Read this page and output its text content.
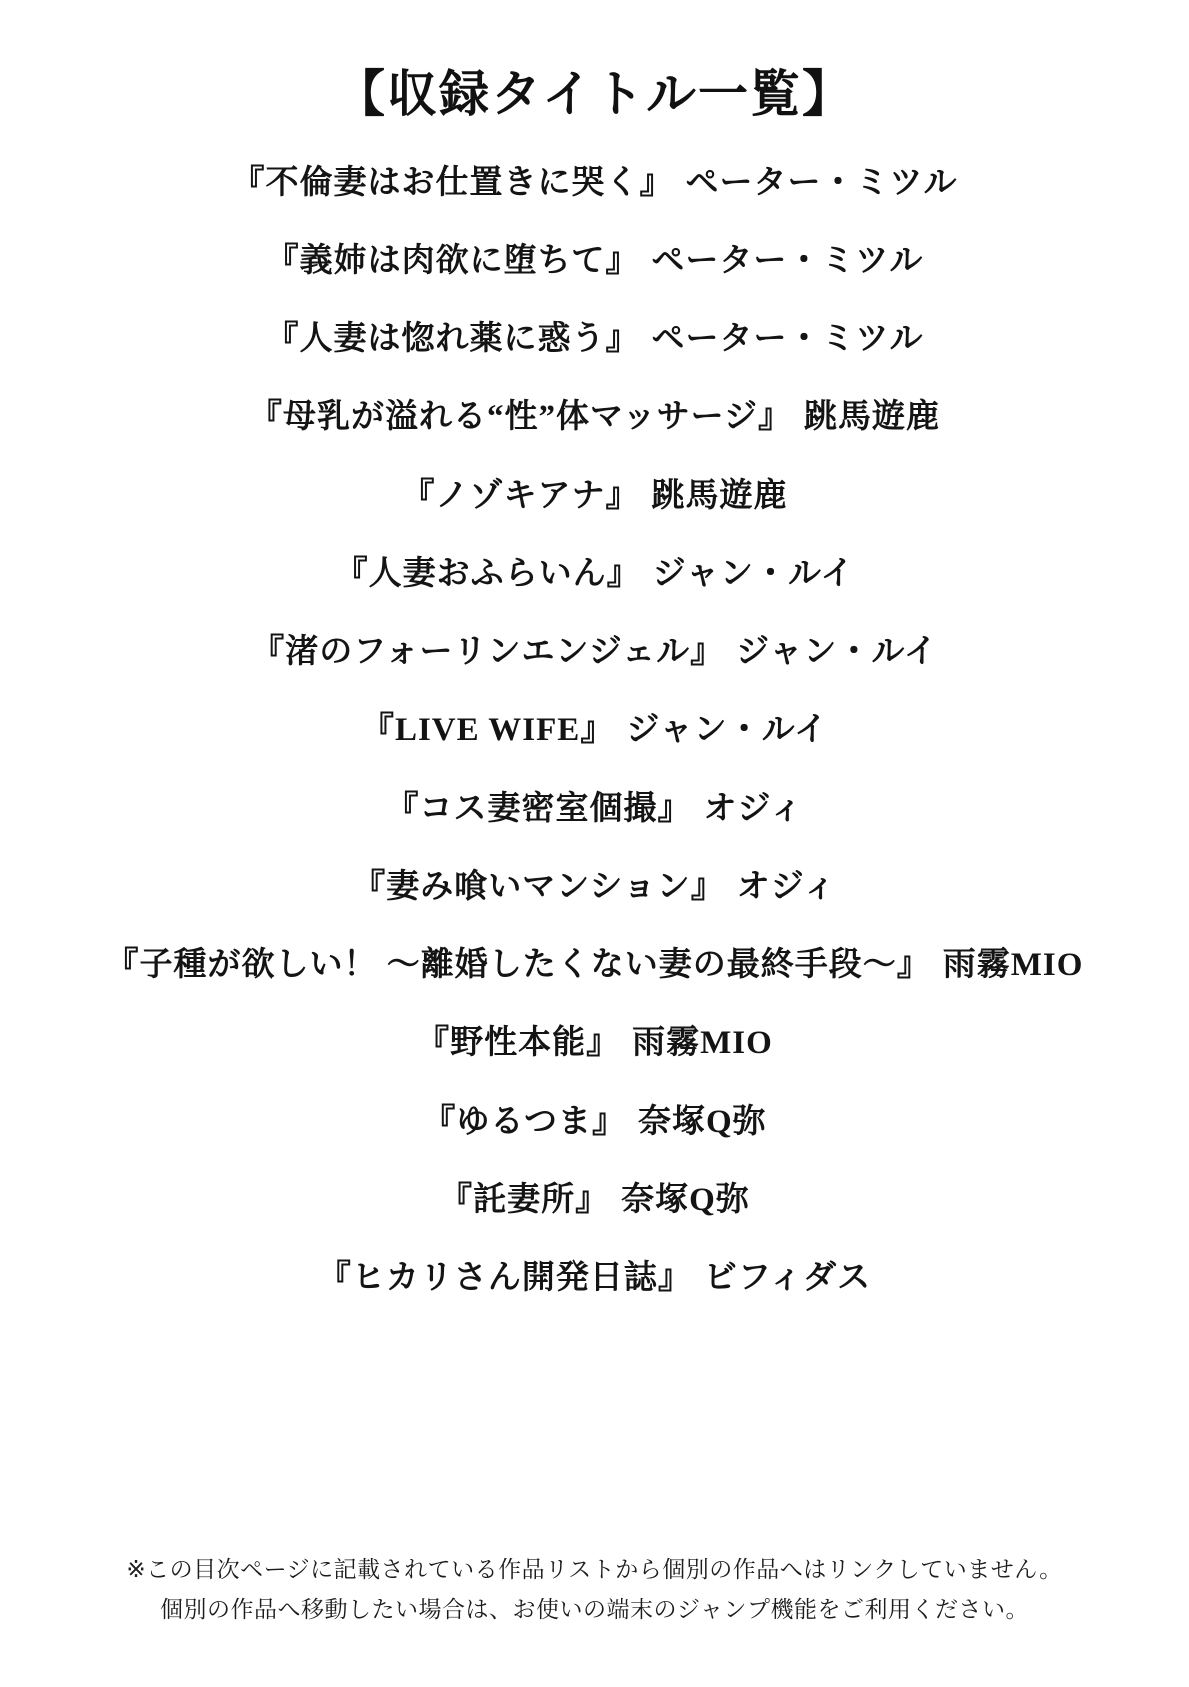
【収録タイトル一覧】
『不倫妻はお仕置きに哭く』 ペーター・ミツル
『義姉は肉欲に堕ちて』 ペーター・ミツル
『人妻は惚れ薬に惑う』 ペーター・ミツル
『母乳が溢れる“性”体マッサージ』 跳馬遊鹿
『ノゾキアナ』 跳馬遊鹿
『人妻おふらいん』 ジャン・ルイ
『渚のフォーリンエンジェル』 ジャン・ルイ
『LIVE WIFE』 ジャン・ルイ
『コス妻密室個撮』 オジィ
『妻み喰いマンション』 オジィ
『子種が欲しい！ 〜離婚したくない妻の最終手段〜』 雨霧MIO
『野性本能』 雨霧MIO
『ゆるつま』 奈塚Q弥
『託妻所』 奈塚Q弥
『ヒカリさん開発日誌』 ビフィダス
※この目次ページに記載されている作品リストから個別の作品へはリンクしていません。
個別の作品へ移動したい場合は、お使いの端末のジャンプ機能をご利用ください。
